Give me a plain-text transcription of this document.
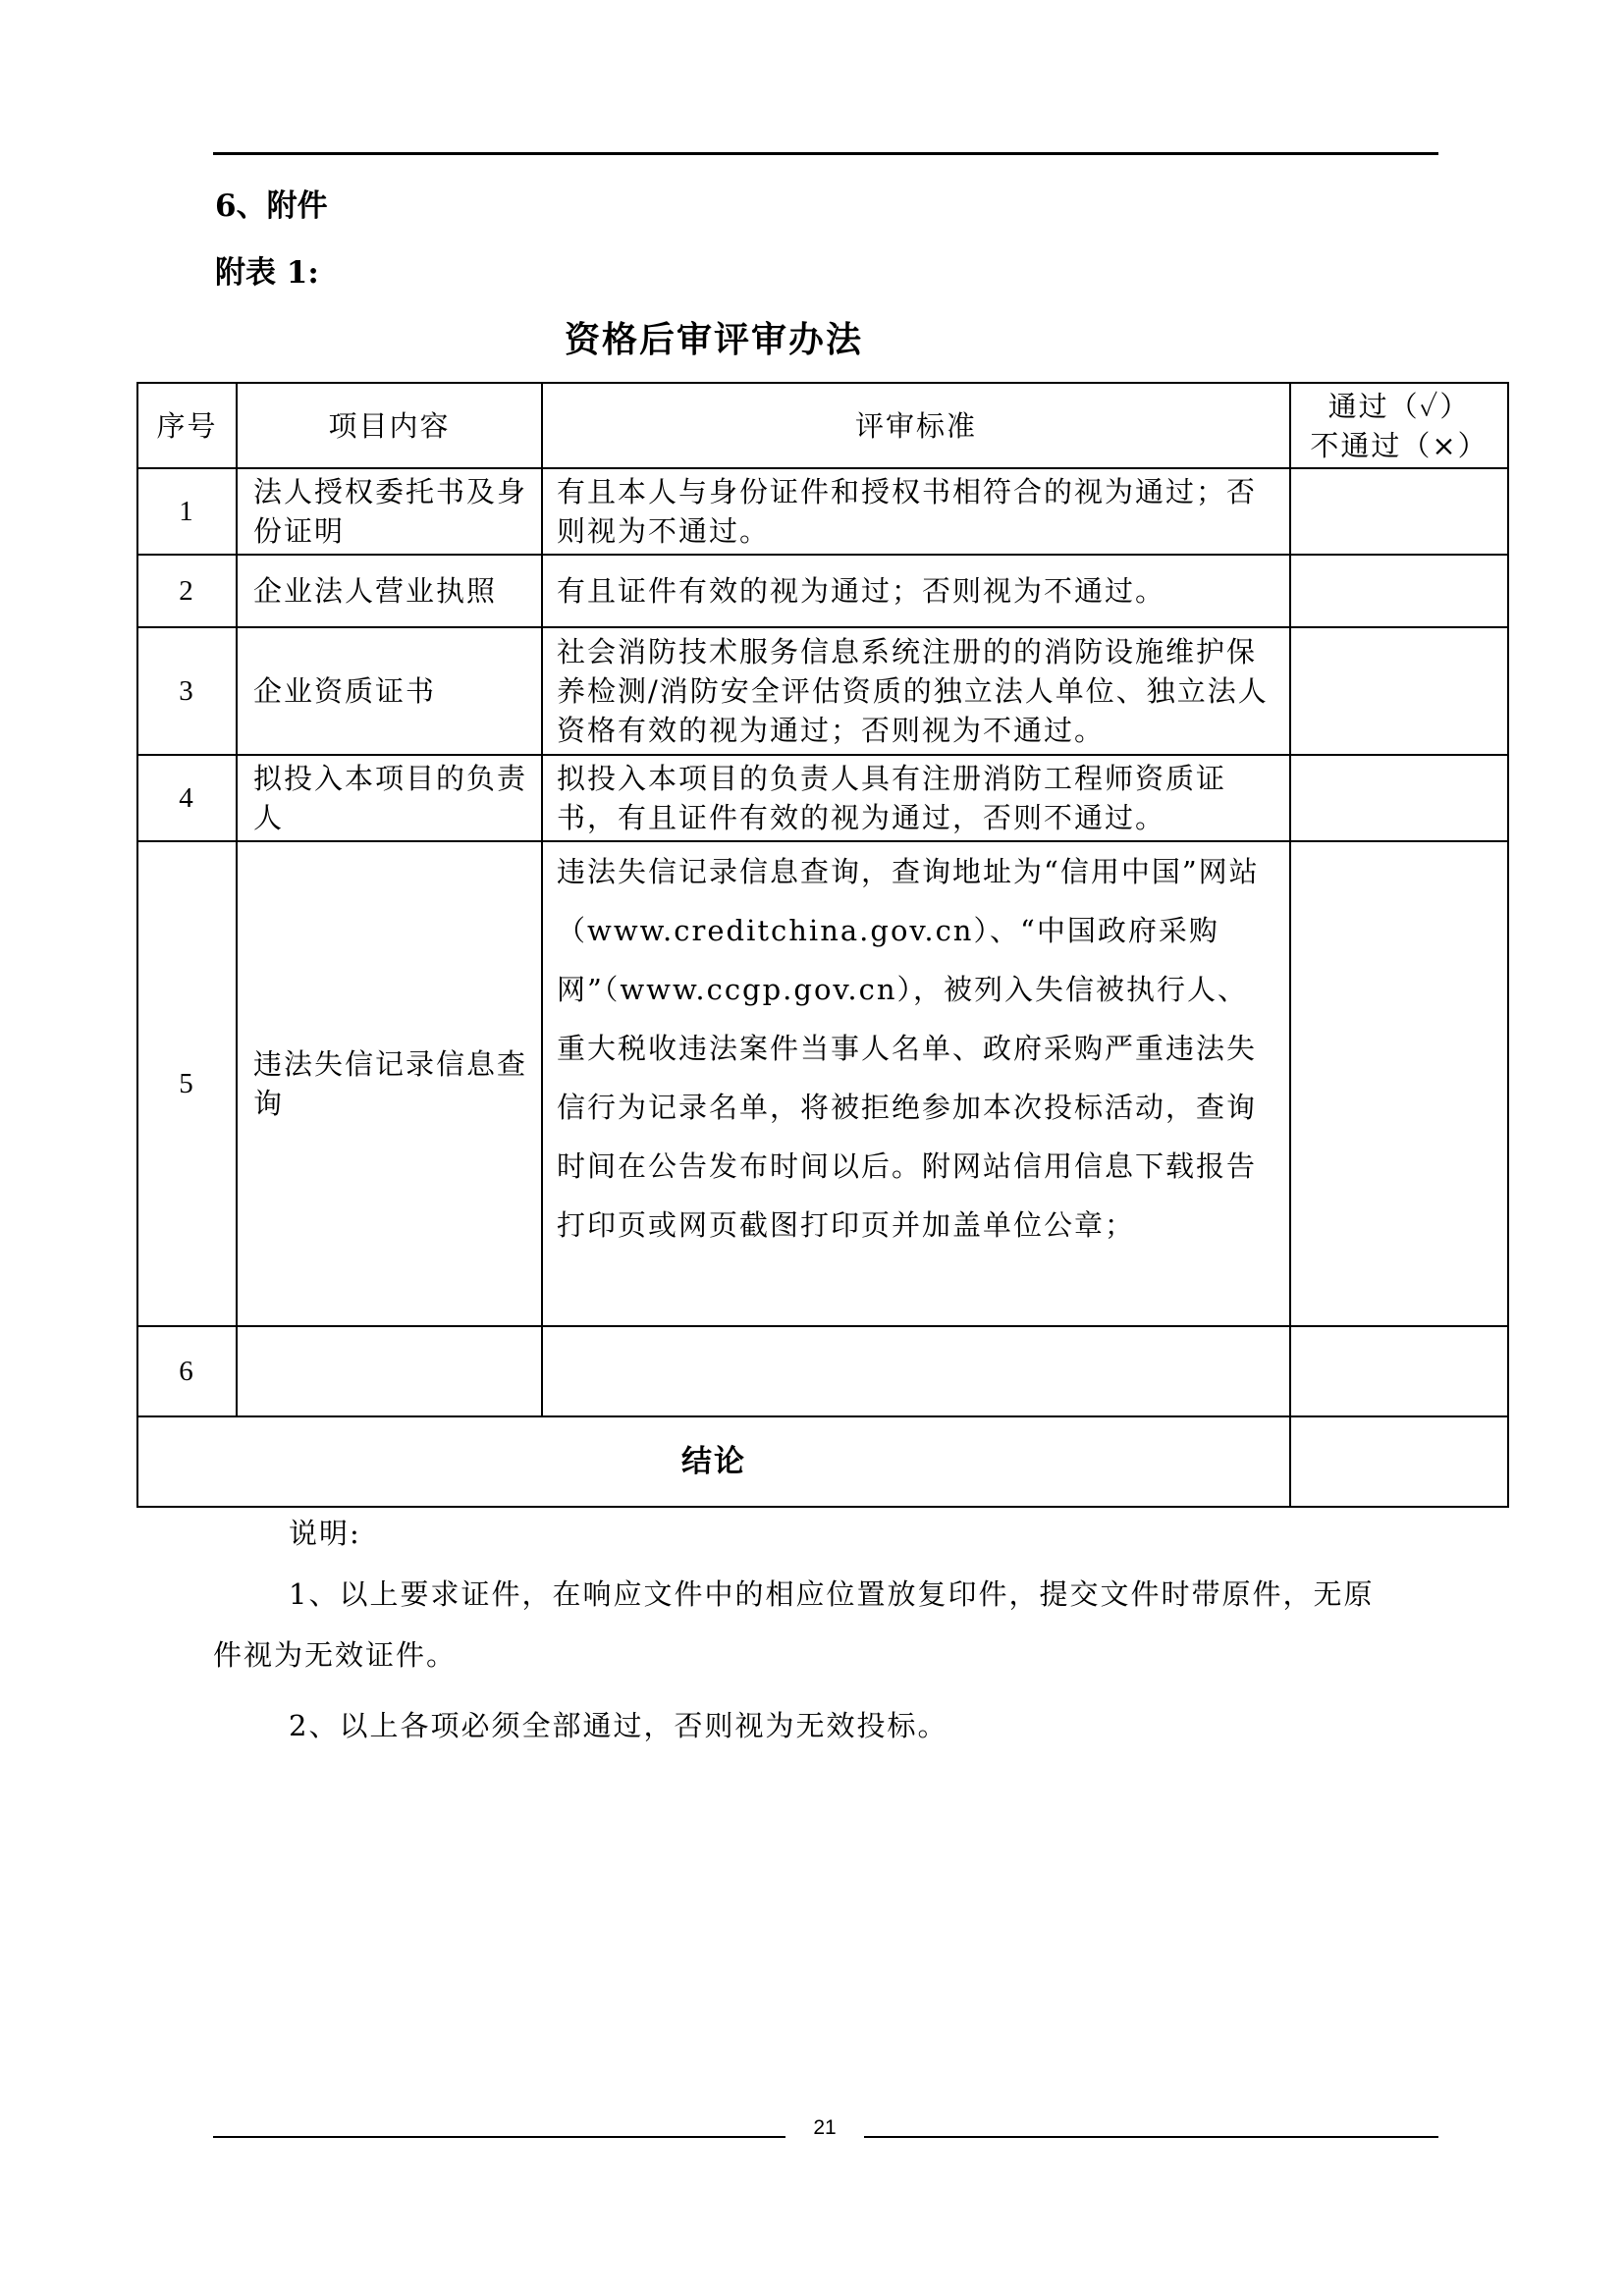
6、附件
附表 1:
资格后审评审办法
序号	项目内容	评审标准	通过（✓）
不通过（×）

1	法人授权委托书及身份证明	有且本人与身份证件和授权书相符合的视为通过；否则视为不通过。	
2	企业法人营业执照	有且证件有效的视为通过；否则视为不通过。	
3	企业资质证书	社会消防技术服务信息系统注册的的消防设施维护保养检测/消防安全评估资质的独立法人单位、独立法人资格有效的视为通过；否则视为不通过。	
4	拟投入本项目的负责人	拟投入本项目的负责人具有注册消防工程师资质证书，有且证件有效的视为通过，否则不通过。	
5	违法失信记录信息查询	违法失信记录信息查询，查询地址为“信用中国”网站（www.creditchina.gov.cn）、“中国政府采购网”（www.ccgp.gov.cn），被列入失信被执行人、重大税收违法案件当事人名单、政府采购严重违法失信行为记录名单，将被拒绝参加本次投标活动，查询时间在公告发布时间以后。附网站信用信息下载报告打印页或网页截图打印页并加盖单位公章；	
6			
结论			
说明:
1、以上要求证件，在响应文件中的相应位置放复印件，提交文件时带原件，无原
件视为无效证件。
2、以上各项必须全部通过，否则视为无效投标。
21
